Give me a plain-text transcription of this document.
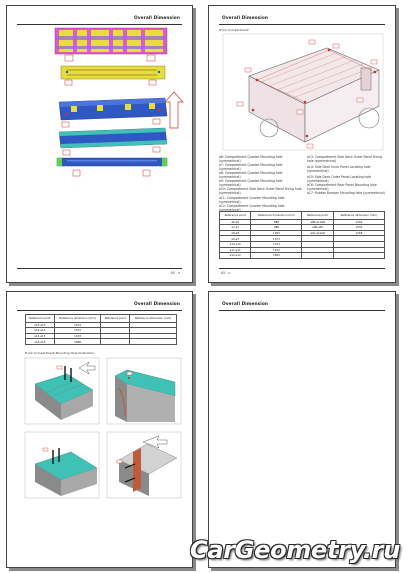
Overall Dimension
A5 - n
Overall Dimension
Truck Compartment
a6: Compartment Quarter Mounting hole (symmetrical)
a7: Compartment Quarter Mounting hole (symmetrical)
a8: Compartment Quarter Mounting hole (symmetrical)
a9: Compartment Quarter Mounting hole (symmetrical)
a10: Compartment Side Deck Outer Panel Fixing hole (symmetrical)
a11: Compartment Quarter Mounting hole (symmetrical)
a12: Compartment Quarter Mounting hole (symmetrical)
a13: Compartment Side Deck Outer Panel Fixing hole (symmetrical)
a14: Side Deck Inner Panel Locating hole (symmetrical)
a15: Side Deck Outer Panel Locating hole (symmetrical)
a16: Compartment Rear Panel Mounting hole (symmetrical)
a17: Rubber Bumper Mounting hole (symmetrical)
Reference point	Reference dimension (mm)	Reference point	Reference dimension (mm)
a6-a6	888	a8R-a10aR	1266
a7-a7	988	a9R-a8L	1535
a8-a8	1093	a9L-a10aR	1268
a9-a9	1373		
a10-a10	1373		
a11-a11	1013		
a12-a12	1893		
A5 - n
Overall Dimension
Reference point	Reference dimension (mm)	Reference point	Reference dimension (mm)
a13-a13	1013		
a14-a14	1331		
a15-a15	1433		
a16-a16	1688		
Truck Compartment Mounting Hole Illustration
Overall Dimension
CarGeometry.ru
